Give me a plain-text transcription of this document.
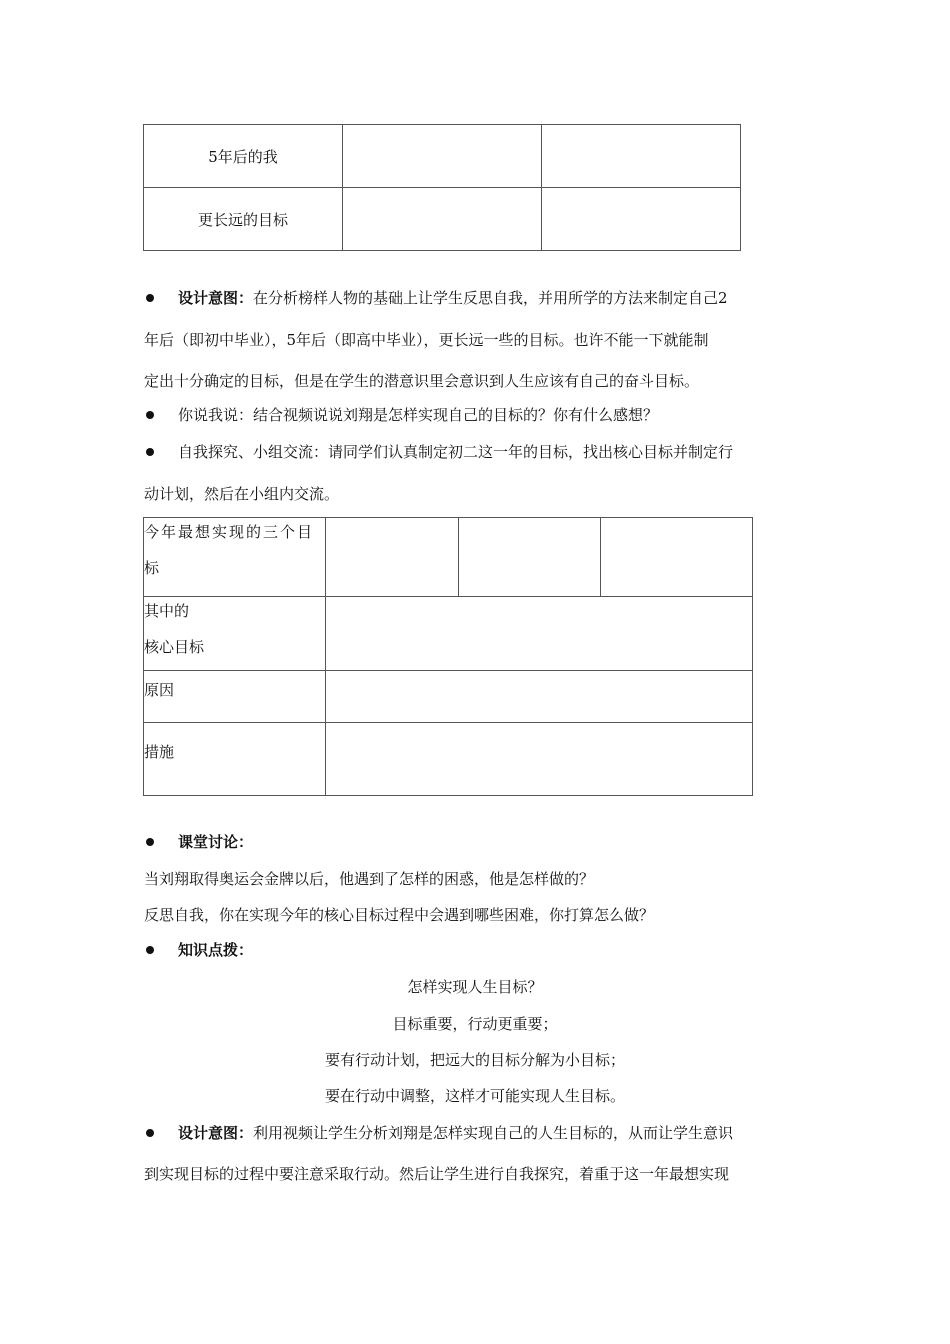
5年后的我		
更长远的目标		
设计意图：在分析榜样人物的基础上让学生反思自我，并用所学的方法来制定自己2
年后（即初中毕业），5年后（即高中毕业），更长远一些的目标。也许不能一下就能制
定出十分确定的目标，但是在学生的潜意识里会意识到人生应该有自己的奋斗目标。
你说我说：结合视频说说刘翔是怎样实现自己的目标的？你有什么感想？
自我探究、小组交流：请同学们认真制定初二这一年的目标，找出核心目标并制定行
动计划，然后在小组内交流。
今年最想实现的三个目
标			

其中的
核心目标			

原因			
措施			
课堂讨论：
当刘翔取得奥运会金牌以后，他遇到了怎样的困惑，他是怎样做的？
反思自我，你在实现今年的核心目标过程中会遇到哪些困难，你打算怎么做？
知识点拨：
怎样实现人生目标？
目标重要，行动更重要；
要有行动计划，把远大的目标分解为小目标；
要在行动中调整，这样才可能实现人生目标。
设计意图：利用视频让学生分析刘翔是怎样实现自己的人生目标的，从而让学生意识
到实现目标的过程中要注意采取行动。然后让学生进行自我探究，着重于这一年最想实现
